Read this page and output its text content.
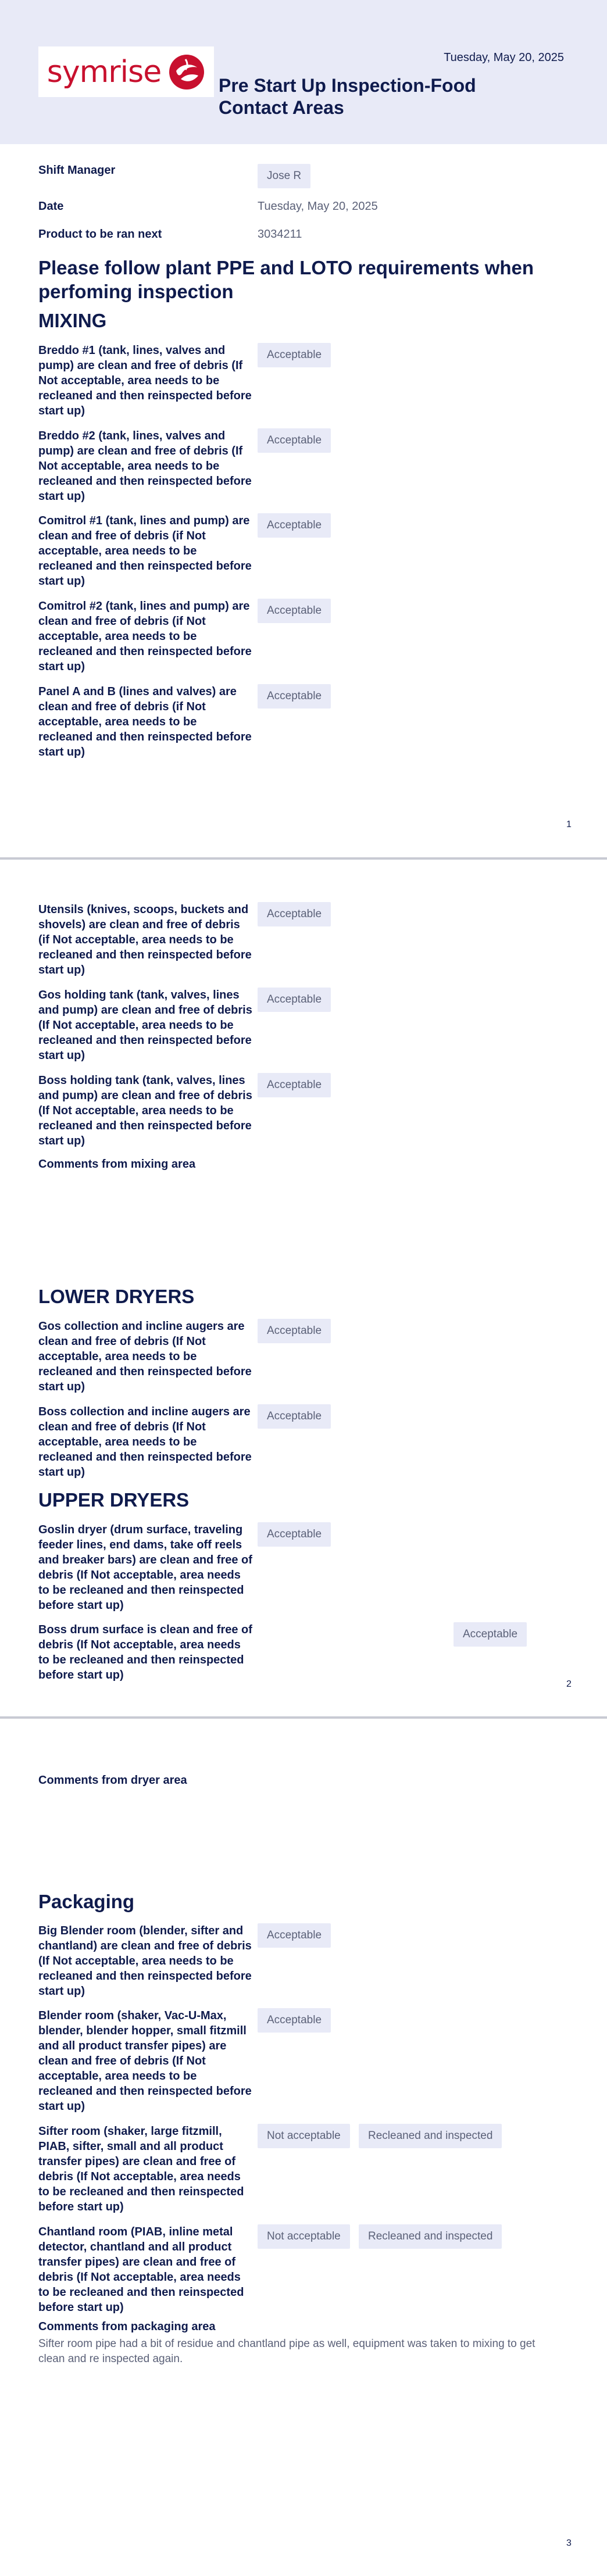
symrise	Tuesday, May 20, 2025
Pre Start Up Inspection-Food Contact Areas
Shift Manager	Jose R
Date	Tuesday, May 20, 2025
Product to be ran next	3034211
Please follow plant PPE and LOTO requirements when perfoming inspection
MIXING
Breddo #1 (tank, lines, valves and pump) are clean and free of debris (If Not acceptable, area needs to be recleaned and then reinspected before start up)
Acceptable
Breddo #2 (tank, lines, valves and pump) are clean and free of debris (If Not acceptable, area needs to be recleaned and then reinspected before start up)
Acceptable
Comitrol #1 (tank, lines and pump) are clean and free of debris (if Not acceptable, area needs to be recleaned and then reinspected before start up)
Acceptable
Comitrol #2 (tank, lines and pump) are clean and free of debris (if Not acceptable, area needs to be recleaned and then reinspected before start up)
Acceptable
Panel A and B (lines and valves) are clean and free of debris (if Not acceptable, area needs to be recleaned and then reinspected before start up)
Acceptable
1
Utensils (knives, scoops, buckets and shovels) are clean and free of debris (if Not acceptable, area needs to be recleaned and then reinspected before start up)
Acceptable
Gos holding tank (tank, valves, lines and pump) are clean and free of debris (If Not acceptable, area needs to be recleaned and then reinspected before start up)
Acceptable
Boss holding tank (tank, valves, lines and pump) are clean and free of debris (If Not acceptable, area needs to be recleaned and then reinspected before start up)
Acceptable
Comments from mixing area
LOWER DRYERS
Gos collection and incline augers are clean and free of debris (If Not acceptable, area needs to be recleaned and then reinspected before start up)
Acceptable
Boss collection and incline augers are clean and free of debris (If Not acceptable, area needs to be recleaned and then reinspected before start up)
Acceptable
UPPER DRYERS
Goslin dryer (drum surface, traveling feeder lines, end dams, take off reels and breaker bars) are clean and free of debris (If Not acceptable, area needs to be recleaned and then reinspected before start up)
Acceptable
Boss drum surface is clean and free of debris (If Not acceptable, area needs to be recleaned and then reinspected before start up)
Acceptable
2
Comments from dryer area
Packaging
Big Blender room (blender, sifter and chantland) are clean and free of debris (If Not acceptable, area needs to be recleaned and then reinspected before start up)
Acceptable
Blender room (shaker, Vac-U-Max, blender, blender hopper, small fitzmill and all product transfer pipes) are clean and free of debris (If Not acceptable, area needs to be recleaned and then reinspected before start up)
Acceptable
Sifter room (shaker, large fitzmill, PIAB, sifter, small and all product transfer pipes) are clean and free of debris (If Not acceptable, area needs to be recleaned and then reinspected before start up)
Not acceptable	Recleaned and inspected
Chantland room (PIAB, inline metal detector, chantland and all product transfer pipes) are clean and free of debris (If Not acceptable, area needs to be recleaned and then reinspected before start up)
Not acceptable	Recleaned and inspected
Comments from packaging area
Sifter room pipe had a bit of residue and chantland pipe as well, equipment was taken to mixing to get clean and re inspected again.
3
